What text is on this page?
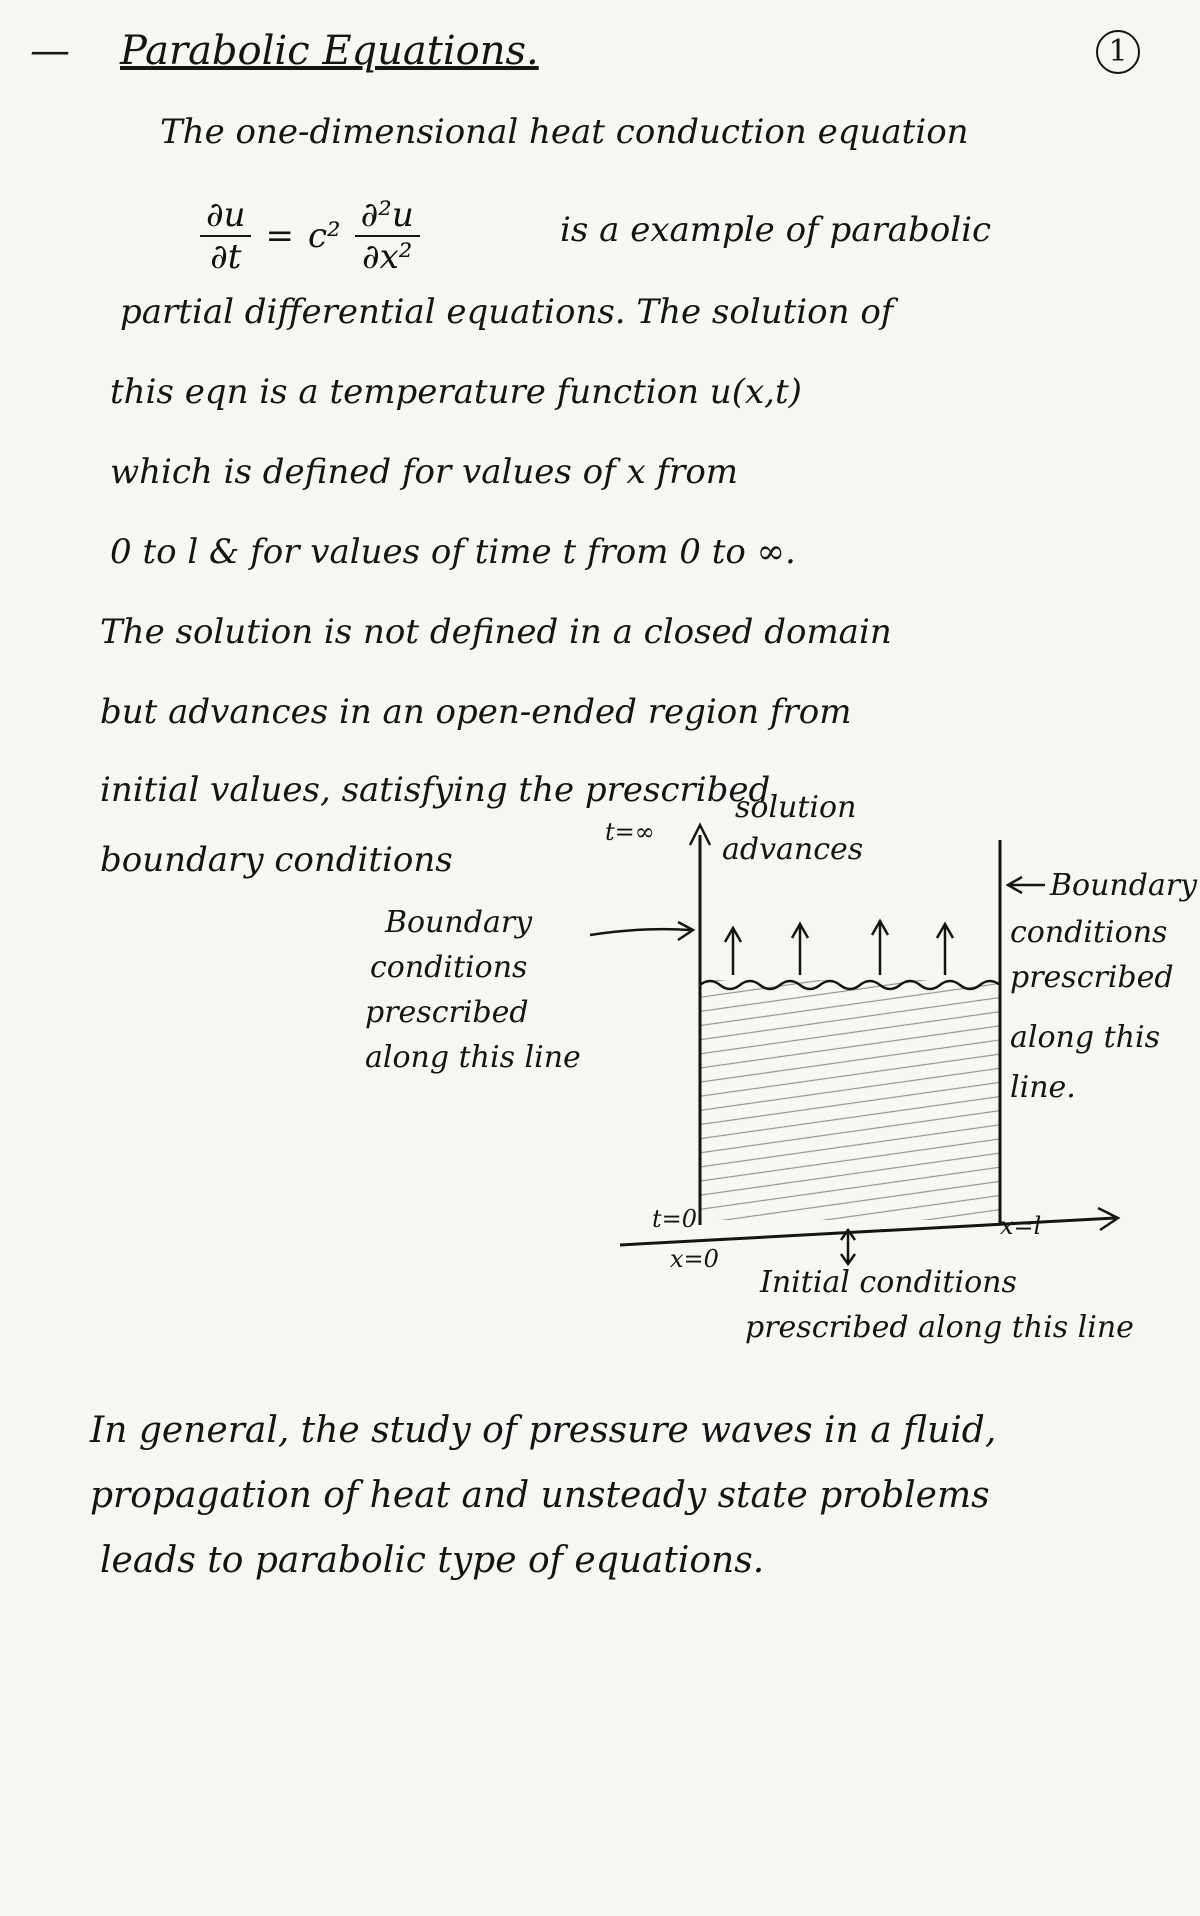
— Parabolic Equations.	1
The one-dimensional heat conduction equation
$\frac{\partial u}{\partial t} = c^2 \frac{\text{∂²u}}{\text{∂x²}}$	is a example of parabolic
partial differential equations. The solution of
this eqn is a temperature function u(x,t)
which is defined for values of x from
0 to l & for values of time t from 0 to ∞.
The solution is not defined in a closed domain
but advances in an open-ended region from
initial values, satisfying the prescribed
boundary conditions
t=∞
solution
advances
Boundary
conditions
prescribed
along this line
Boundary
conditions
prescribed
along this
line.
t=0
x=0
x=l
Initial conditions
prescribed along this line
In general, the study of pressure waves in a fluid,
propagation of heat and unsteady state problems
leads to parabolic type of equations.
